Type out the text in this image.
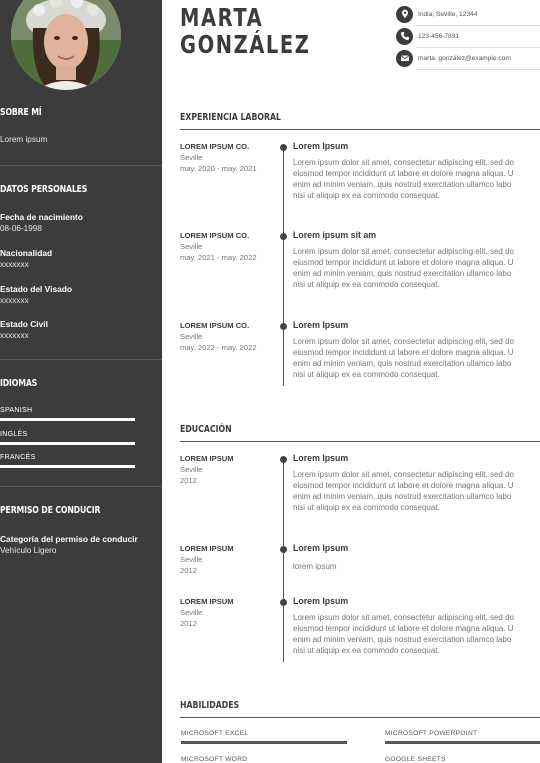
SOBRE MÍ
Lorem ipsum
DATOS PERSONALES
Fecha de nacimiento
08-06-1998
Nacionalidad
xxxxxxx
Estado del Visado
xxxxxxx
Estado Civil
xxxxxxx
IDIOMAS
SPANISH
INGLÉS
FRANCÉS
PERMISO DE CONDUCIR
Categoría del permiso de conducir
Vehículo Ligero
MARTA
GONZÁLEZ
India, Seville, 12344
123-456-7891
marta. gonzález@example.com
EXPERIENCIA LABORAL
LOREM IPSUM CO.
Seville
may. 2020 - may. 2021
Lorem Ipsum
Lorem ipsum dolor sit amet, consectetur adipiscing elit, sed do
eiusmod tempor incididunt ut labore et dolore magna aliqua. U
enim ad minim veniam, quis nostrud exercitation ullamco labo
nisi ut aliquip ex ea commodo consequat.
LOREM IPSUM CO.
Seville
may. 2021 - may. 2022
Lorem ipsum sit am
Lorem ipsum dolor sit amet, consectetur adipiscing elit, sed do
eiusmod tempor incididunt ut labore et dolore magna aliqua. U
enim ad minim veniam, quis nostrud exercitation ullamco labo
nisi ut aliquip ex ea commodo consequat.
LOREM IPSUM CO.
Seville
may. 2022 - may. 2022
Lorem Ipsum
Lorem ipsum dolor sit amet, consectetur adipiscing elit, sed do
eiusmod tempor incididunt ut labore et dolore magna aliqua. U
enim ad minim veniam, quis nostrud exercitation ullamco labo
nisi ut aliquip ex ea commodo consequat.
EDUCACIÓN
LOREM IPSUM
Seville
2012
Lorem Ipsum
Lorem ipsum dolor sit amet, consectetur adipiscing elit, sed do
eiusmod tempor incididunt ut labore et dolore magna aliqua. U
enim ad minim veniam, quis nostrud exercitation ullamco labo
nisi ut aliquip ex ea commodo consequat.
LOREM IPSUM
Seville
2012
Lorem Ipsum
lorem ipsum
LOREM IPSUM
Seville
2012
Lorem Ipsum
Lorem ipsum dolor sit amet, consectetur adipiscing elit, sed do
eiusmod tempor incididunt ut labore et dolore magna aliqua. U
enim ad minim veniam, quis nostrud exercitation ullamco labo
nisi ut aliquip ex ea commodo consequat.
HABILIDADES
MICROSOFT EXCEL	MICROSOFT POWERPOINT
MICROSOFT WORD	GOOGLE SHEETS
